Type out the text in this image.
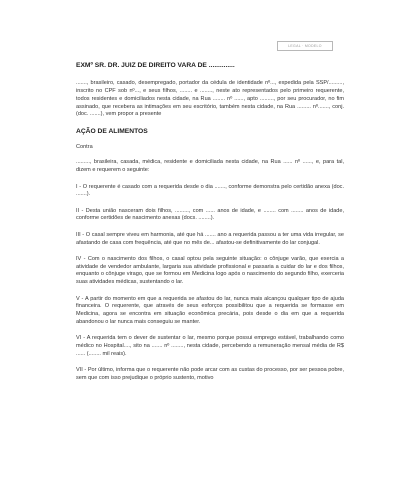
LEGAL · MODELO
EXMº SR. DR. JUIZ DE DIREITO VARA DE ..............

......., brasileiro, casado, desempregado, portador da cédula de identidade nº..., expedida pela SSP/........., inscrito no CPF sob nº..., e seus filhos, ........ e ........, neste ato representados pelo primeiro requerente, todos residentes e domiciliados nesta cidade, na Rua ........ nº ......, apto ........., por seu procurador, no fim assinado, que recebera as intimações em seu escritório, também nesta cidade, na Rua ......... nº......., conj. (doc. .......), vem propor a presente

AÇÃO DE ALIMENTOS
Contra

........., brasileira, casada, médica, residente e domiciliada nesta cidade, na Rua ...... nº ......, e, para tal, dizem e requerem o seguinte:

I - O requerente é casado com a requerida desde o dia ......., conforme demonstra pelo certidão anexa (doc. .......).

II - Desta união nasceram dois filhos, ........., com ...... anos de idade, e ........ com ........ anos de idade, conforme certidões de nascimento anexas (docs. ........).

III - O casal sempre viveu em harmonia, até que há ....... ano a requerida passou a ter uma vida irregular, se afastando de casa com frequência, até que no mês de... afastou-se definitivamente do lar conjugal.

IV - Com o nascimento dos filhos, o casal optou pela seguinte situação: o cônjuge varão, que exercia a atividade de vendedor ambulante, largaria sua atividade profissional e passaria a cuidar do lar e dos filhos, enquanto o cônjuge virago, que se formou em Medicina logo após o nascimento do segundo filho, exerceria suas atividades médicas, sustentando o lar.

V - A partir do momento em que a requerida se afastou do lar, nunca mais alcançou qualquer tipo de ajuda financeira. O requerente, que através de seus esforços possibilitou que a requerida se formasse em Medicina, agora se encontra em situação econômica precária, pois desde o dia em que a requerida abandonou o lar nunca mais conseguiu se manter.

VI - A requerida tem o dever de sustentar o lar, mesmo porque possui emprego estável, trabalhando como médico no Hospital...., sito na ....... nº ........, nesta cidade, percebendo a remuneração mensal média de R$ ...... (........ mil reais).

VII - Por último, informa que o requerente não pode arcar com as custas do processo, por ser pessoa pobre, sem que com isso prejudique o próprio sustento, motivo
